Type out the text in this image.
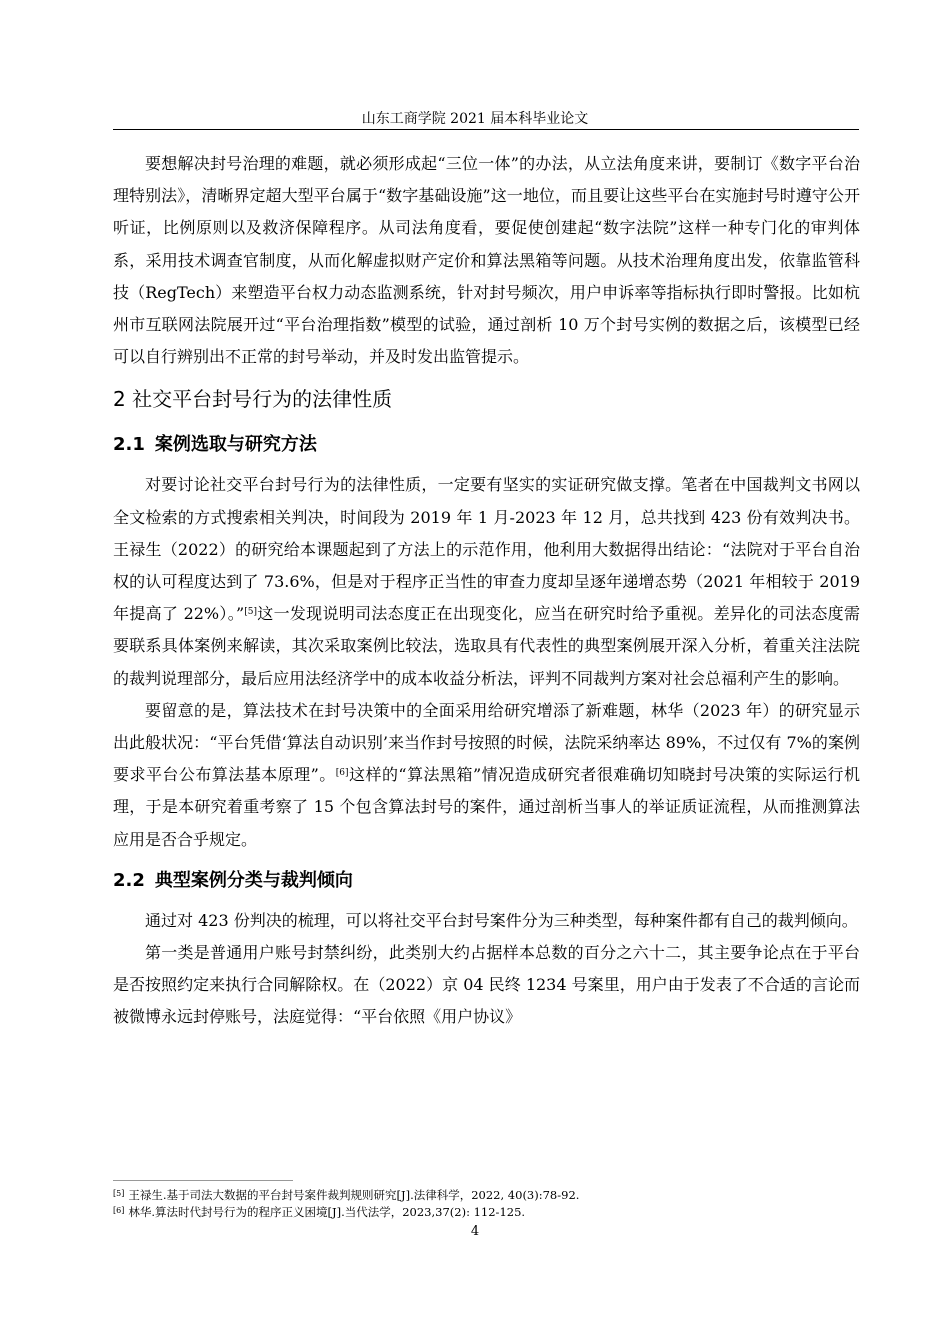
山东工商学院 2021 届本科毕业论文

要想解决封号治理的难题，就必须形成起“三位一体”的办法，从立法角度来讲，要制订《数字平台治理特别法》，清晰界定超大型平台属于“数字基础设施”这一地位，而且要让这些平台在实施封号时遵守公开听证，比例原则以及救济保障程序。从司法角度看，要促使创建起“数字法院”这样一种专门化的审判体系，采用技术调查官制度，从而化解虚拟财产定价和算法黑箱等问题。从技术治理角度出发，依靠监管科技（RegTech）来塑造平台权力动态监测系统，针对封号频次，用户申诉率等指标执行即时警报。比如杭州市互联网法院展开过“平台治理指数”模型的试验，通过剖析 10 万个封号实例的数据之后，该模型已经可以自行辨别出不正常的封号举动，并及时发出监管提示。

2 社交平台封号行为的法律性质
2.1 案例选取与研究方法

对要讨论社交平台封号行为的法律性质，一定要有坚实的实证研究做支撑。笔者在中国裁判文书网以全文检索的方式搜索相关判决，时间段为 2019 年 1 月-2023 年 12 月，总共找到 423 份有效判决书。王禄生（2022）的研究给本课题起到了方法上的示范作用，他利用大数据得出结论：“法院对于平台自治权的认可程度达到了 73.6%，但是对于程序正当性的审查力度却呈逐年递增态势（2021 年相较于 2019 年提高了 22%）。”[5]这一发现说明司法态度正在出现变化，应当在研究时给予重视。差异化的司法态度需要联系具体案例来解读，其次采取案例比较法，选取具有代表性的典型案例展开深入分析，着重关注法院的裁判说理部分，最后应用法经济学中的成本收益分析法，评判不同裁判方案对社会总福利产生的影响。

要留意的是，算法技术在封号决策中的全面采用给研究增添了新难题，林华（2023 年）的研究显示出此般状况：“平台凭借‘算法自动识别’来当作封号按照的时候，法院采纳率达 89%，不过仅有 7%的案例要求平台公布算法基本原理”。[6]这样的“算法黑箱”情况造成研究者很难确切知晓封号决策的实际运行机理，于是本研究着重考察了 15 个包含算法封号的案件，通过剖析当事人的举证质证流程，从而推测算法应用是否合乎规定。

2.2 典型案例分类与裁判倾向

通过对 423 份判决的梳理，可以将社交平台封号案件分为三种类型，每种案件都有自己的裁判倾向。

第一类是普通用户账号封禁纠纷，此类别大约占据样本总数的百分之六十二，其主要争论点在于平台是否按照约定来执行合同解除权。在（2022）京 04 民终 1234 号案里，用户由于发表了不合适的言论而被微博永远封停账号，法庭觉得：“平台依照《用户协议》

[5] 王禄生.基于司法大数据的平台封号案件裁判规则研究[J].法律科学，2022, 40(3):78-92.

[6] 林华.算法时代封号行为的程序正义困境[J].当代法学，2023,37(2): 112-125.

4
